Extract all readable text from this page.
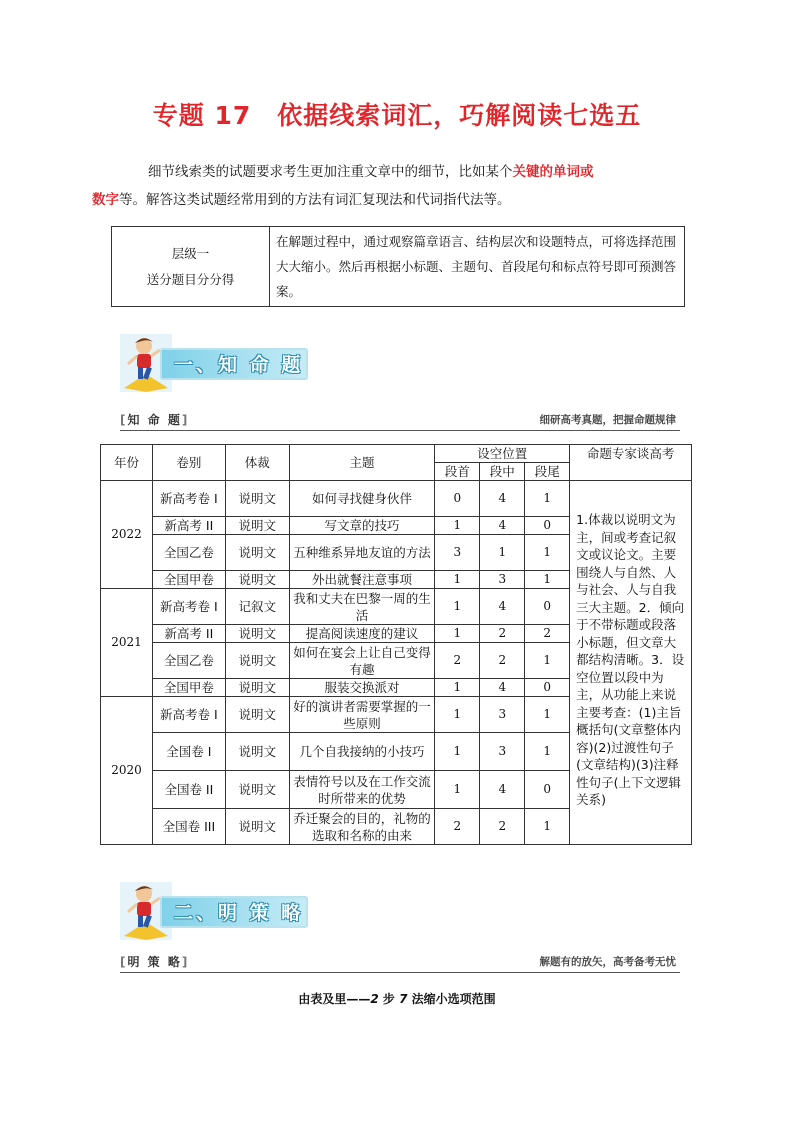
专题 17　依据线索词汇，巧解阅读七选五
细节线索类的试题要求考生更加注重文章中的细节，比如某个关键的单词或
数字等。解答这类试题经常用到的方法有词汇复现法和代词指代法等。
层级一
送分题目分分得
	在解题过程中，通过观察篇章语言、结构层次和设题特点，可将选择范围大大缩小。然后再根据小标题、主题句、首段尾句和标点符号即可预测答案。
一、知 命 题
[ 知 命 题 ]	细研高考真题，把握命题规律
年份	卷别	体裁	主题	设空位置			命题专家谈高考
				段首	段中	段尾	
2022	新高考卷 I	说明文	如何寻找健身伙伴	0	4	1	1.体裁以说明文为主，间或考查记叙文或议论文。主要围绕人与自然、人与社会、人与自我三大主题。2．倾向于不带标题或段落小标题，但文章大都结构清晰。3．设空位置以段中为主，从功能上来说主要考查：(1)主旨概括句(文章整体内容)(2)过渡性句子(文章结构)(3)注释性句子(上下文逻辑关系)
	新高考 II	说明文	写文章的技巧	1	4	0	
	全国乙卷	说明文	五种维系异地友谊的方法	3	1	1	
	全国甲卷	说明文	外出就餐注意事项	1	3	1	
2021	新高考卷 I	记叙文	我和丈夫在巴黎一周的生活	1	4	0	
	新高考 II	说明文	提高阅读速度的建议	1	2	2	
	全国乙卷	说明文	如何在宴会上让自己变得有趣	2	2	1	
	全国甲卷	说明文	服装交换派对	1	4	0	
2020	新高考卷 I	说明文	好的演讲者需要掌握的一些原则	1	3	1	
	全国卷 I	说明文	几个自我接纳的小技巧	1	3	1	
	全国卷 II	说明文	表情符号以及在工作交流时所带来的优势	1	4	0	
	全国卷 III	说明文	乔迁聚会的目的，礼物的选取和名称的由来	2	2	1	
二、明 策 略
[ 明 策 略 ]	解题有的放矢，高考备考无忧
由表及里——2 步 7 法缩小选项范围
